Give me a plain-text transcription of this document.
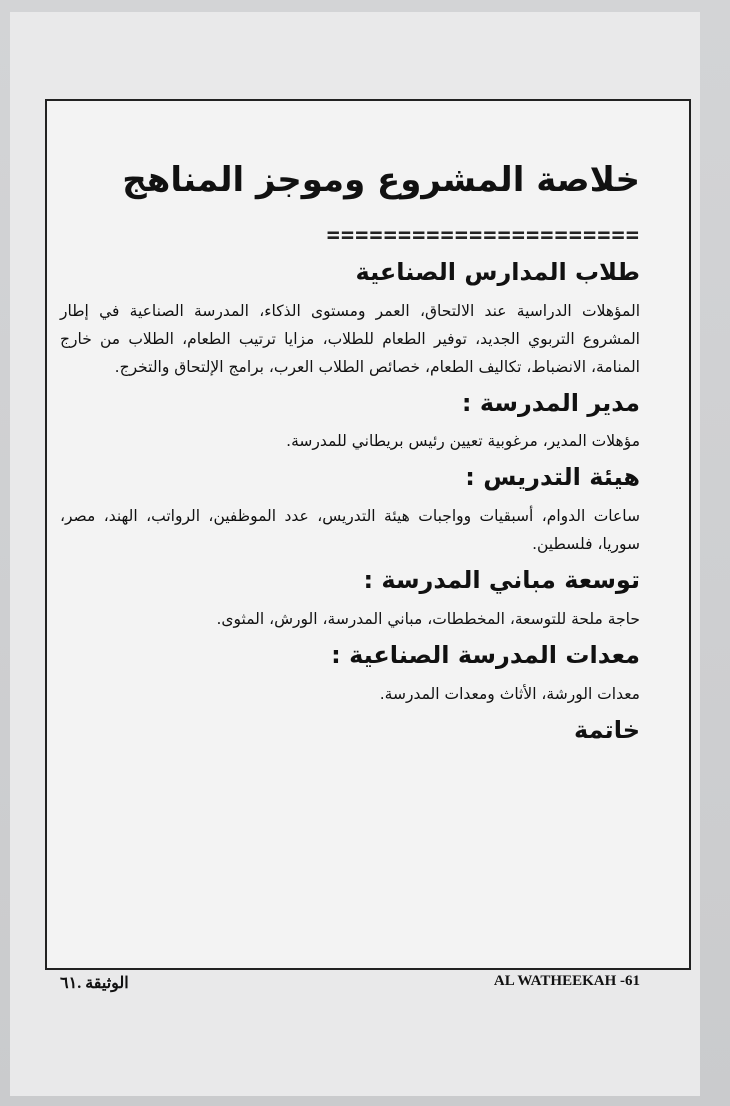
خلاصة المشروع وموجز المناهج
======================
طلاب المدارس الصناعية
المؤهلات الدراسية عند الالتحاق، العمر ومستوى الذكاء، المدرسة الصناعية في إطار المشروع التربوي الجديد، توفير الطعام للطلاب، مزايا ترتيب الطعام، الطلاب من خارج المنامة، الانضباط، تكاليف الطعام، خصائص الطلاب العرب، برامج الإلتحاق والتخرج.
مدير المدرسة :
مؤهلات المدير، مرغوبية تعيين رئيس بريطاني للمدرسة.
هيئة التدريس :
ساعات الدوام، أسبقيات وواجبات هيئة التدريس، عدد الموظفين، الرواتب، الهند، مصر، سوريا، فلسطين.
توسعة مباني المدرسة :
حاجة ملحة للتوسعة، المخططات، مباني المدرسة، الورش، المثوى.
معدات المدرسة الصناعية :
معدات الورشة، الأثاث ومعدات المدرسة.
خاتمة
الوثيقة .٦١	AL WATHEEKAH -61
